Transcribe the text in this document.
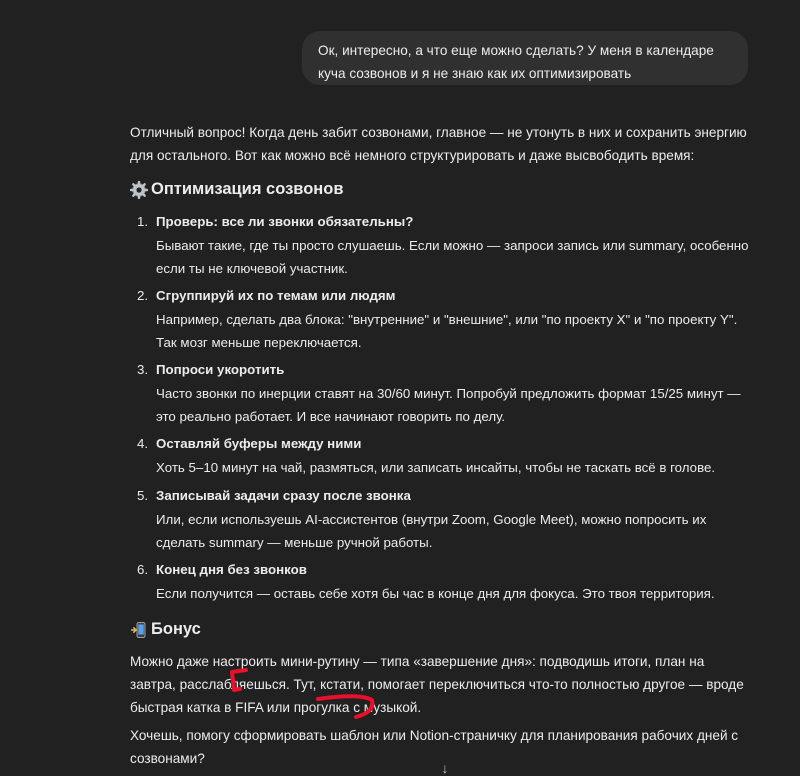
Ок, интересно, а что еще можно сделать? У меня в календаре куча созвонов и я не знаю как их оптимизировать

Отличный вопрос! Когда день забит созвонами, главное — не утонуть в них и сохранить энергию для остального. Вот как можно всё немного структурировать и даже высвободить время:

Оптимизация созвонов
1. Проверь: все ли звонки обязательны?
Бывают такие, где ты просто слушаешь. Если можно — запроси запись или summary, особенно если ты не ключевой участник.
2. Сгруппируй их по темам или людям
Например, сделать два блока: "внутренние" и "внешние", или "по проекту X" и "по проекту Y". Так мозг меньше переключается.
3. Попроси укоротить
Часто звонки по инерции ставят на 30/60 минут. Попробуй предложить формат 15/25 минут — это реально работает. И все начинают говорить по делу.
4. Оставляй буферы между ними
Хоть 5–10 минут на чай, размяться, или записать инсайты, чтобы не таскать всё в голове.
5. Записывай задачи сразу после звонка
Или, если используешь AI-ассистентов (внутри Zoom, Google Meet), можно попросить их сделать summary — меньше ручной работы.
6. Конец дня без звонков
Если получится — оставь себе хотя бы час в конце дня для фокуса. Это твоя территория.
Бонус

Можно даже настроить мини-рутину — типа «завершение дня»: подводишь итоги, план на завтра, расслабляешься. Тут, кстати, помогает переключиться что-то полностью другое — вроде быстрая катка в FIFA или прогулка с музыкой.

Хочешь, помогу сформировать шаблон или Notion-страничку для планирования рабочих дней с созвонами?

↓
